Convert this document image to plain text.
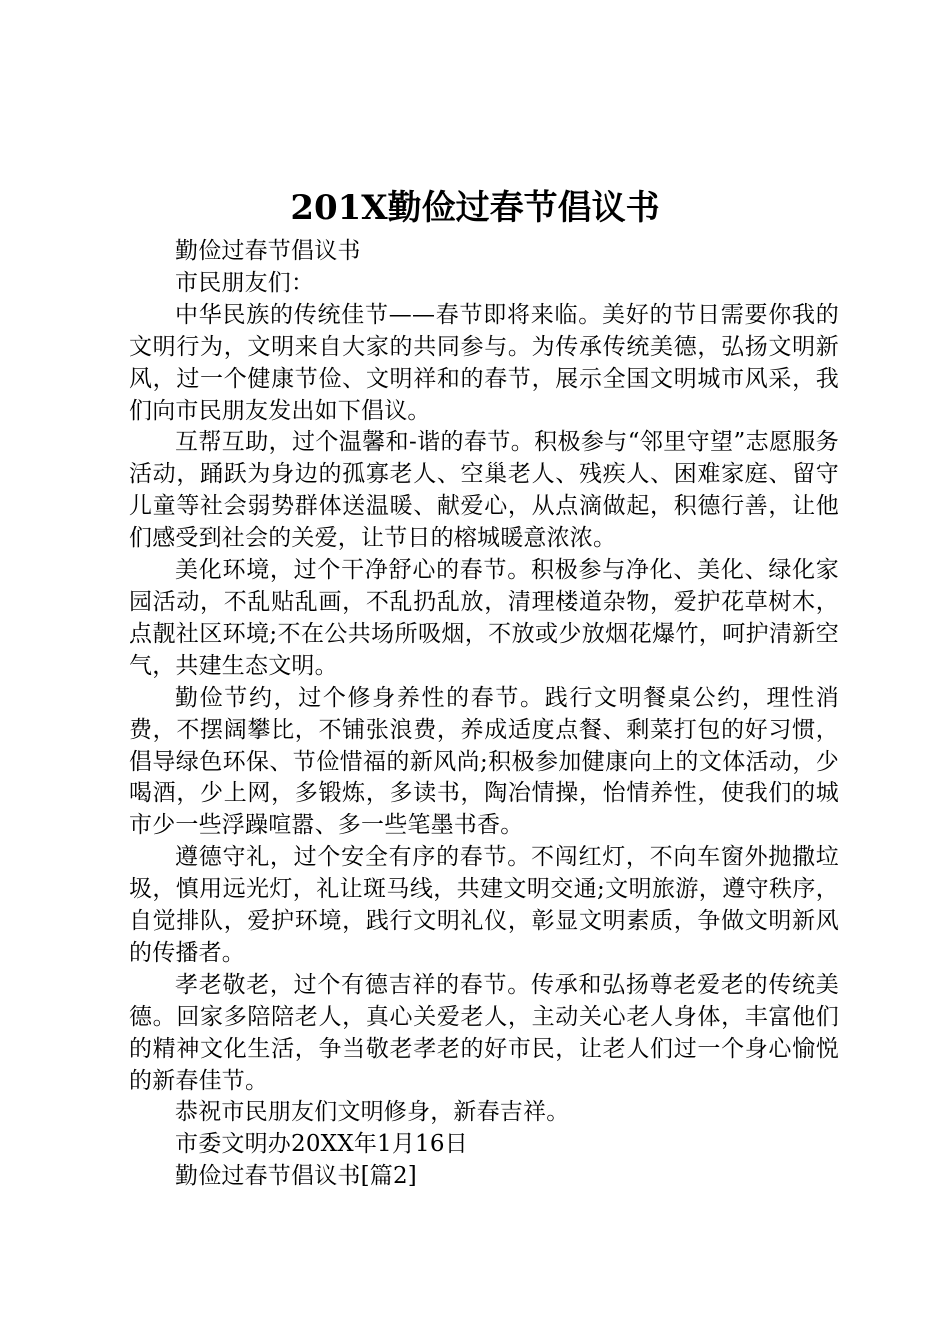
201X勤俭过春节倡议书

勤俭过春节倡议书

市民朋友们：

中华民族的传统佳节——春节即将来临。美好的节日需要你我的文明行为，文明来自大家的共同参与。为传承传统美德，弘扬文明新风，过一个健康节俭、文明祥和的春节，展示全国文明城市风采，我们向市民朋友发出如下倡议。

互帮互助，过个温馨和-谐的春节。积极参与“邻里守望”志愿服务活动，踊跃为身边的孤寡老人、空巢老人、残疾人、困难家庭、留守儿童等社会弱势群体送温暖、献爱心，从点滴做起，积德行善，让他们感受到社会的关爱，让节日的榕城暖意浓浓。

美化环境，过个干净舒心的春节。积极参与净化、美化、绿化家园活动，不乱贴乱画，不乱扔乱放，清理楼道杂物，爱护花草树木，点靓社区环境;不在公共场所吸烟，不放或少放烟花爆竹，呵护清新空气，共建生态文明。

勤俭节约，过个修身养性的春节。践行文明餐桌公约，理性消费，不摆阔攀比，不铺张浪费，养成适度点餐、剩菜打包的好习惯，倡导绿色环保、节俭惜福的新风尚;积极参加健康向上的文体活动，少喝酒，少上网，多锻炼，多读书，陶冶情操，怡情养性，使我们的城市少一些浮躁喧嚣、多一些笔墨书香。

遵德守礼，过个安全有序的春节。不闯红灯，不向车窗外抛撒垃圾，慎用远光灯，礼让斑马线，共建文明交通;文明旅游，遵守秩序，自觉排队，爱护环境，践行文明礼仪，彰显文明素质，争做文明新风的传播者。

孝老敬老，过个有德吉祥的春节。传承和弘扬尊老爱老的传统美德。回家多陪陪老人，真心关爱老人，主动关心老人身体，丰富他们的精神文化生活，争当敬老孝老的好市民，让老人们过一个身心愉悦的新春佳节。

恭祝市民朋友们文明修身，新春吉祥。

市委文明办20XX年1月16日

勤俭过春节倡议书[篇2]
